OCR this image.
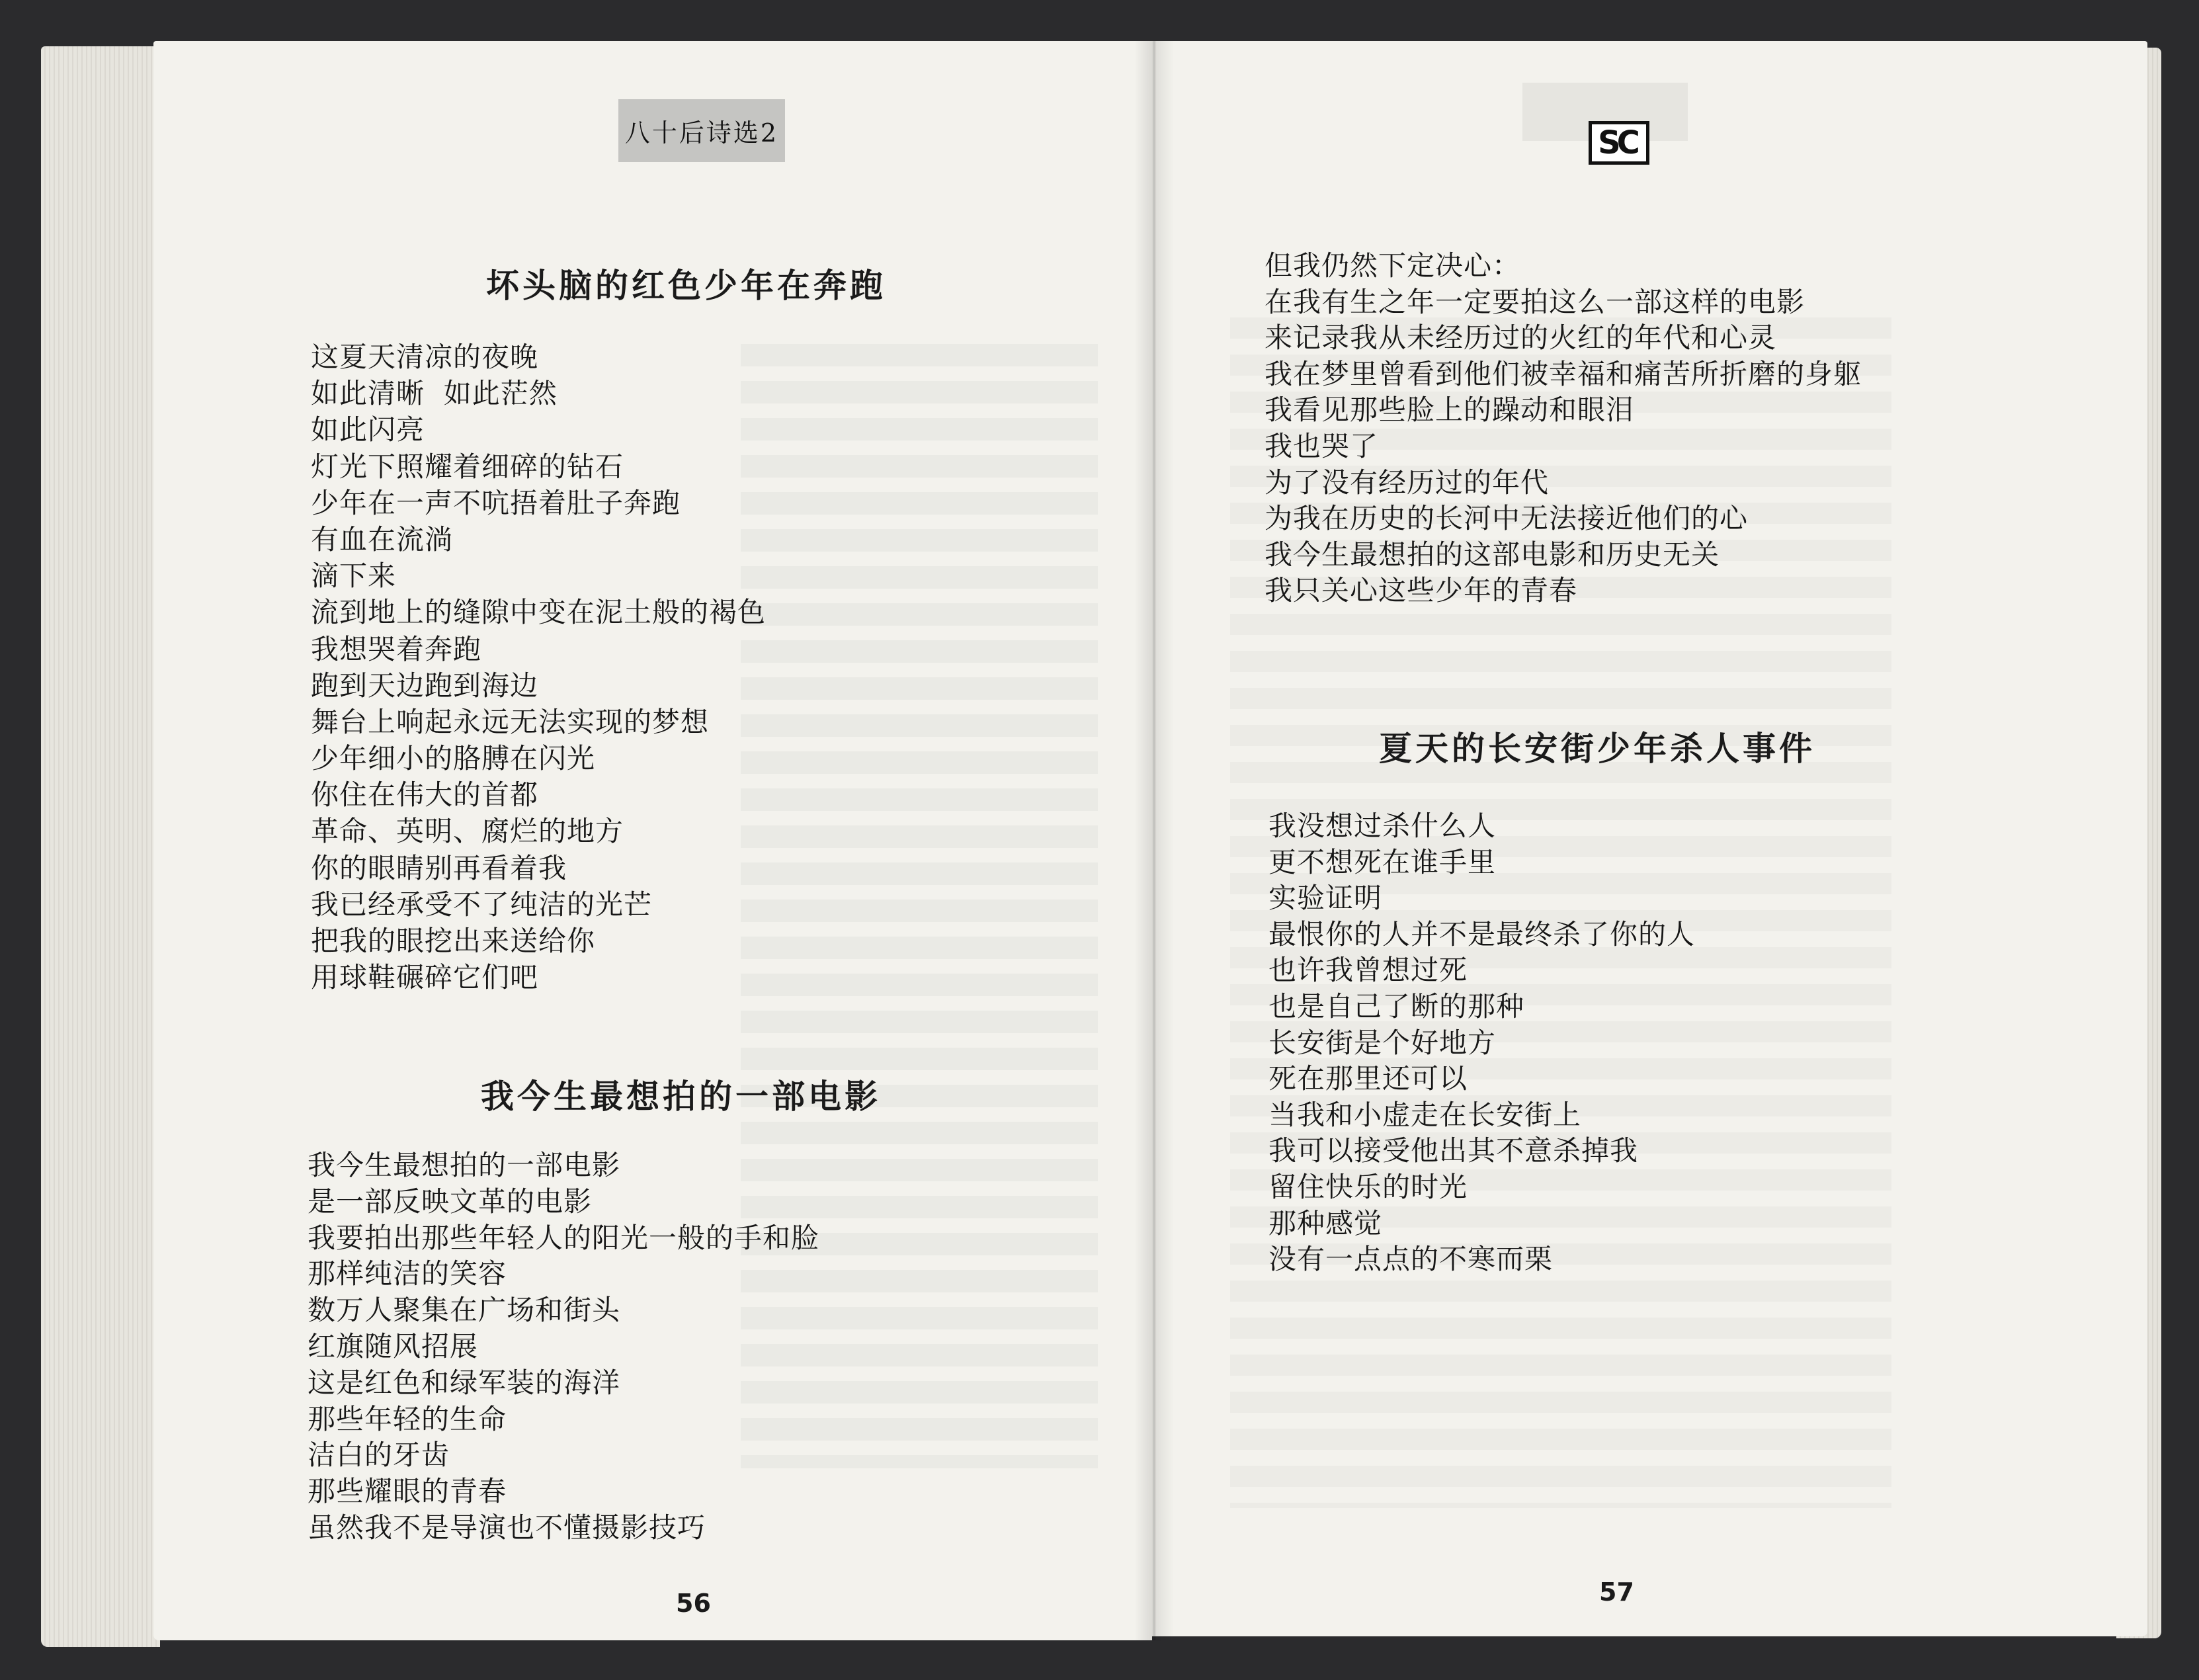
八十后诗选2
坏头脑的红色少年在奔跑
这夏天清凉的夜晚
如此清晰  如此茫然
如此闪亮
灯光下照耀着细碎的钻石
少年在一声不吭捂着肚子奔跑
有血在流淌
滴下来
流到地上的缝隙中变在泥土般的褐色
我想哭着奔跑
跑到天边跑到海边
舞台上响起永远无法实现的梦想
少年细小的胳膊在闪光
你住在伟大的首都
革命、英明、腐烂的地方
你的眼睛别再看着我
我已经承受不了纯洁的光芒
把我的眼挖出来送给你
用球鞋碾碎它们吧
我今生最想拍的一部电影
我今生最想拍的一部电影
是一部反映文革的电影
我要拍出那些年轻人的阳光一般的手和脸
那样纯洁的笑容
数万人聚集在广场和街头
红旗随风招展
这是红色和绿军装的海洋
那些年轻的生命
洁白的牙齿
那些耀眼的青春
虽然我不是导演也不懂摄影技巧
56
SC
但我仍然下定决心：
在我有生之年一定要拍这么一部这样的电影
来记录我从未经历过的火红的年代和心灵
我在梦里曾看到他们被幸福和痛苦所折磨的身躯
我看见那些脸上的躁动和眼泪
我也哭了
为了没有经历过的年代
为我在历史的长河中无法接近他们的心
我今生最想拍的这部电影和历史无关
我只关心这些少年的青春
夏天的长安街少年杀人事件
我没想过杀什么人
更不想死在谁手里
实验证明
最恨你的人并不是最终杀了你的人
也许我曾想过死
也是自己了断的那种
长安街是个好地方
死在那里还可以
当我和小虚走在长安街上
我可以接受他出其不意杀掉我
留住快乐的时光
那种感觉
没有一点点的不寒而栗
57
